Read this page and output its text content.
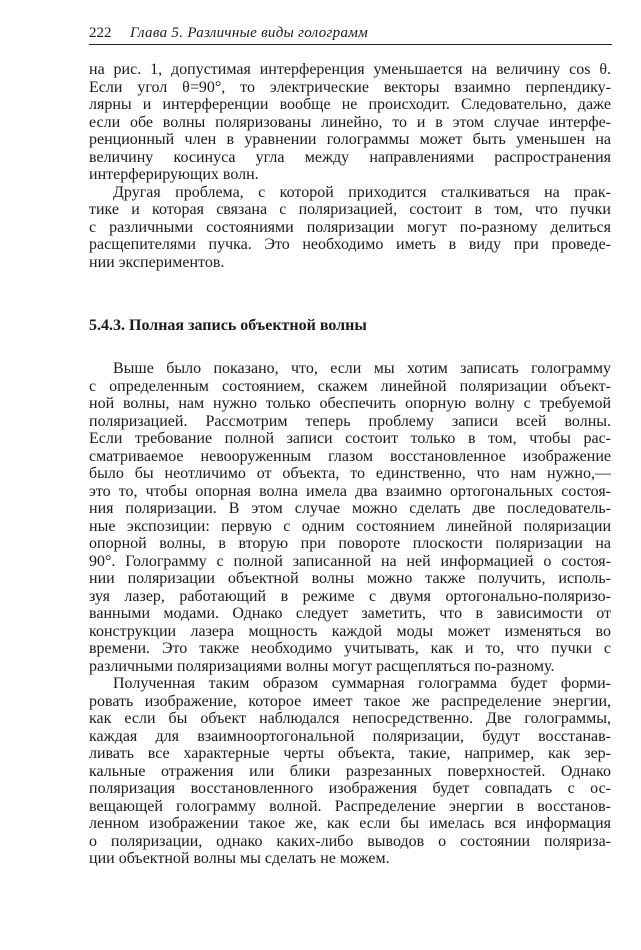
222 Глава 5. Различные виды голограмм
на рис. 1, допустимая интерференция уменьшается на величину cos θ.
Если угол θ=90°, то электрические векторы взаимно перпендику-
лярны и интерференции вообще не происходит. Следовательно, даже
если обе волны поляризованы линейно, то и в этом случае интерфе-
ренционный член в уравнении голограммы может быть уменьшен на
величину косинуса угла между направлениями распространения
интерферирующих волн.
Другая проблема, с которой приходится сталкиваться на прак-
тике и которая связана с поляризацией, состоит в том, что пучки
с различными состояниями поляризации могут по-разному делиться
расщепителями пучка. Это необходимо иметь в виду при проведе-
нии экспериментов.
5.4.3. Полная запись объектной волны
Выше было показано, что, если мы хотим записать голограмму
с определенным состоянием, скажем линейной поляризации объект-
ной волны, нам нужно только обеспечить опорную волну с требуемой
поляризацией. Рассмотрим теперь проблему записи всей волны.
Если требование полной записи состоит только в том, чтобы рас-
сматриваемое невооруженным глазом восстановленное изображение
было бы неотличимо от объекта, то единственно, что нам нужно,—
это то, чтобы опорная волна имела два взаимно ортогональных состоя-
ния поляризации. В этом случае можно сделать две последователь-
ные экспозиции: первую с одним состоянием линейной поляризации
опорной волны, в вторую при повороте плоскости поляризации на
90°. Голограмму с полной записанной на ней информацией о состоя-
нии поляризации объектной волны можно также получить, исполь-
зуя лазер, работающий в режиме с двумя ортогонально-поляризо-
ванными модами. Однако следует заметить, что в зависимости от
конструкции лазера мощность каждой моды может изменяться во
времени. Это также необходимо учитывать, как и то, что пучки с
различными поляризациями волны могут расщепляться по-разному.
Полученная таким образом суммарная голограмма будет форми-
ровать изображение, которое имеет такое же распределение энергии,
как если бы объект наблюдался непосредственно. Две голограммы,
каждая для взаимноортогональной поляризации, будут восстанав-
ливать все характерные черты объекта, такие, например, как зер-
кальные отражения или блики разрезанных поверхностей. Однако
поляризация восстановленного изображения будет совпадать с ос-
вещающей голограмму волной. Распределение энергии в восстанов-
ленном изображении такое же, как если бы имелась вся информация
о поляризации, однако каких-либо выводов о состоянии поляриза-
ции объектной волны мы сделать не можем.
